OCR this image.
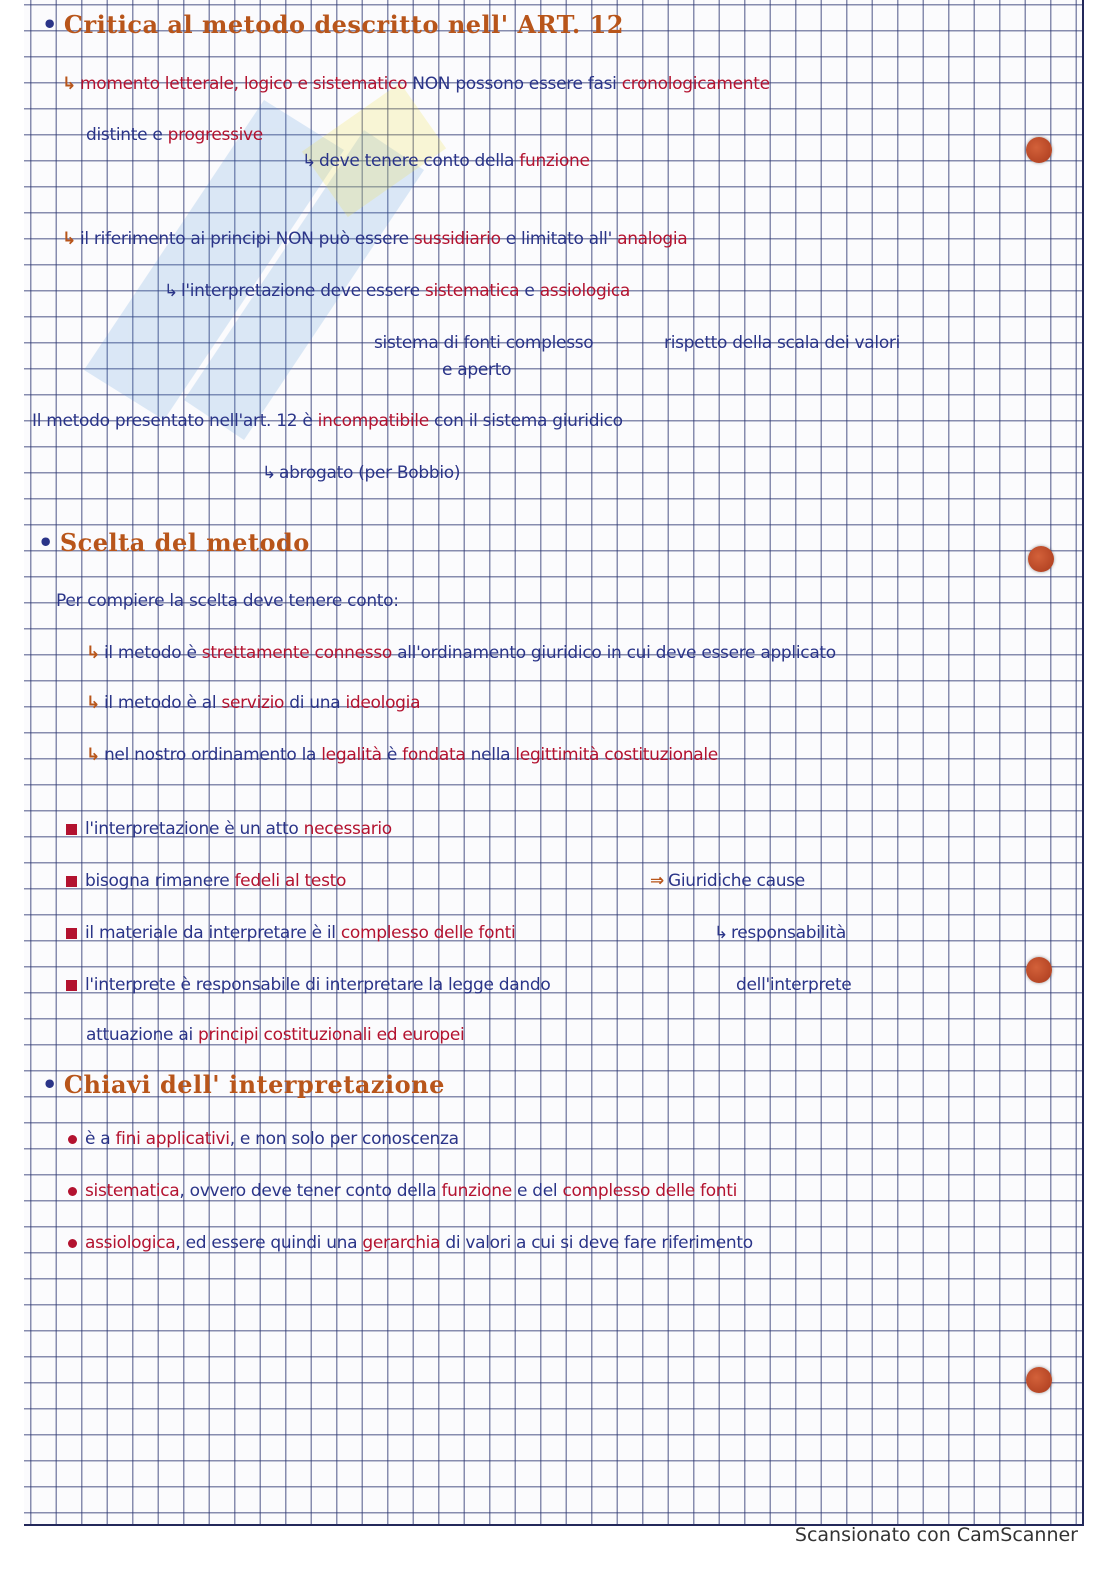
• Critica al metodo descritto nell' ART. 12
↳ momento letterale, logico e sistematico NON possono essere fasi cronologicamente
distinte e progressive
↳ deve tenere conto della funzione
↳ il riferimento ai principi NON può essere sussidiario e limitato all' analogia
↳ l'interpretazione deve essere sistematica e assiologica
sistema di fonti complesso	rispetto della scala dei valori
e aperto
Il metodo presentato nell'art. 12 è incompatibile con il sistema giuridico
↳ abrogato (per Bobbio)
• Scelta del metodo
Per compiere la scelta deve tenere conto:
↳ il metodo è strettamente connesso all'ordinamento giuridico in cui deve essere applicato
↳ il metodo è al servizio di una ideologia
↳ nel nostro ordinamento la legalità è fondata nella legittimità costituzionale
l'interpretazione è un atto necessario
bisogna rimanere fedeli al testo
il materiale da interpretare è il complesso delle fonti
l'interprete è responsabile di interpretare la legge dando
attuazione ai principi costituzionali ed europei
⇒ Giuridiche cause
↳ responsabilità
dell'interprete
• Chiavi dell' interpretazione
è a fini applicativi, e non solo per conoscenza
sistematica, ovvero deve tener conto della funzione e del complesso delle fonti
assiologica, ed essere quindi una gerarchia di valori a cui si deve fare riferimento
Scansionato con CamScanner
